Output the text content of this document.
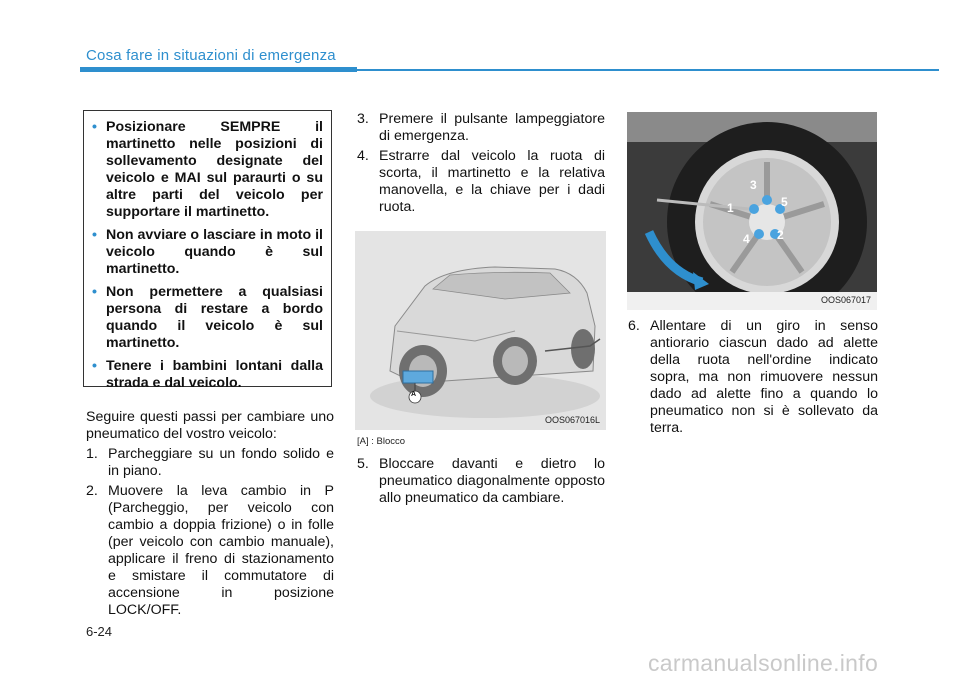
Cosa fare in situazioni di emergenza
• Posizionare SEMPRE il martinetto nelle posizioni di sollevamento designate del veicolo e MAI sul paraurti o su altre parti del veicolo per supportare il martinetto.
• Non avviare o lasciare in moto il veicolo quando è sul martinetto.
• Non permettere a qualsiasi persona di restare a bordo quando il veicolo è sul martinetto.
• Tenere i bambini lontani dalla strada e dal veicolo.
Seguire questi passi per cambiare uno pneumatico del vostro veicolo:
1. Parcheggiare su un fondo solido e in piano.
2. Muovere la leva cambio in P (Parcheggio, per veicolo con cambio a doppia frizione) o in folle (per veicolo con cambio manuale), applicare il freno di stazionamento e smistare il commutatore di accensione in posizione LOCK/OFF.
3. Premere il pulsante lampeggiatore di emergenza.
4. Estrarre dal veicolo la ruota di scorta, il martinetto e la relativa manovella, e la chiave per i dadi ruota.
A
OOS067016L
[A] : Blocco
5. Bloccare davanti e dietro lo pneumatico diagonalmente opposto allo pneumatico da cambiare.
3
1	5
4 2
OOS067017
6. Allentare di un giro in senso antiorario ciascun dado ad alette della ruota nell'ordine indicato sopra, ma non rimuovere nessun dado ad alette fino a quando lo pneumatico non si è sollevato da terra.
6-24
carmanualsonline.info
